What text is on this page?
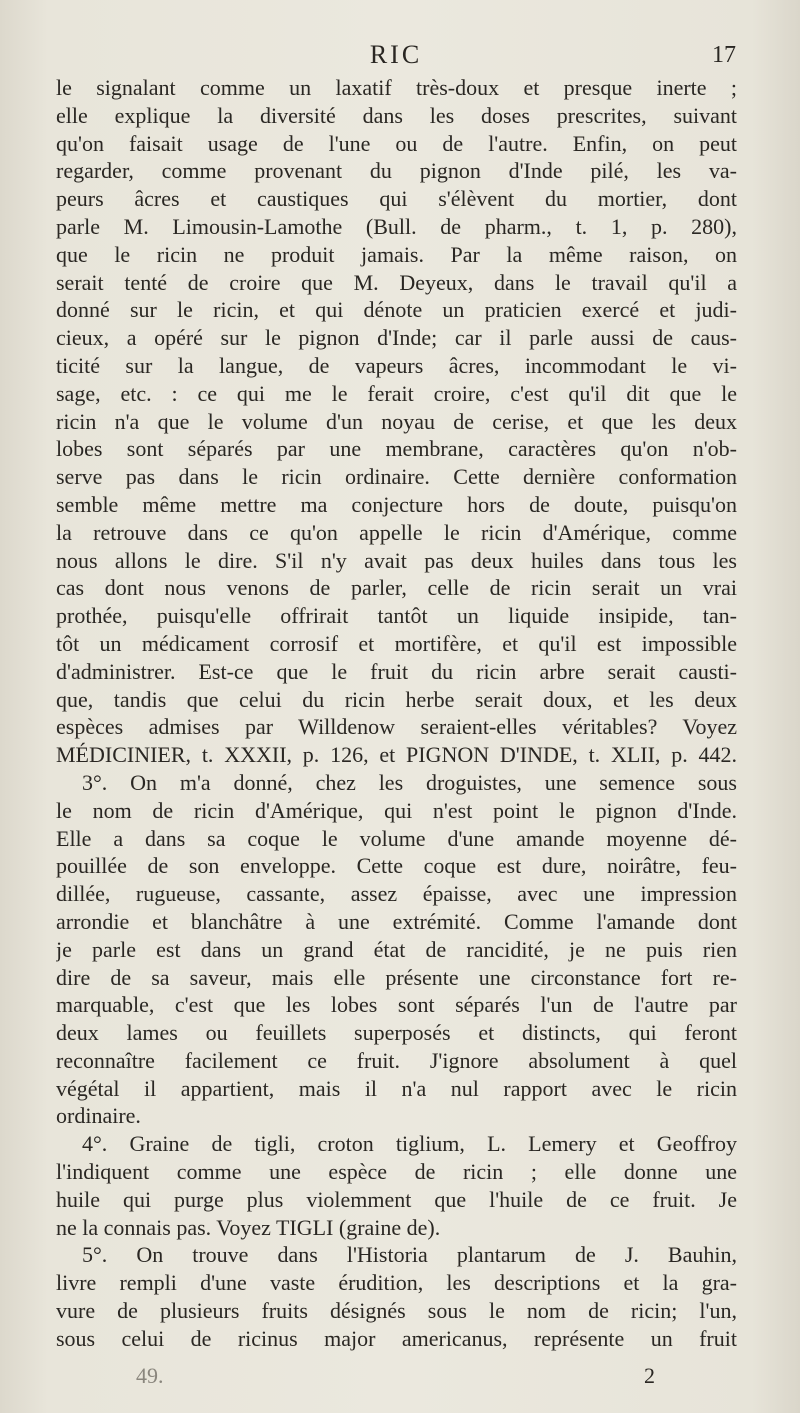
RIC	17
le signalant comme un laxatif très-doux et presque inerte ;
elle explique la diversité dans les doses prescrites, suivant
qu'on faisait usage de l'une ou de l'autre. Enfin, on peut
regarder, comme provenant du pignon d'Inde pilé, les va-
peurs âcres et caustiques qui s'élèvent du mortier, dont
parle M. Limousin-Lamothe (Bull. de pharm., t. 1, p. 280),
que le ricin ne produit jamais. Par la même raison, on
serait tenté de croire que M. Deyeux, dans le travail qu'il a
donné sur le ricin, et qui dénote un praticien exercé et judi-
cieux, a opéré sur le pignon d'Inde; car il parle aussi de caus-
ticité sur la langue, de vapeurs âcres, incommodant le vi-
sage, etc. : ce qui me le ferait croire, c'est qu'il dit que le
ricin n'a que le volume d'un noyau de cerise, et que les deux
lobes sont séparés par une membrane, caractères qu'on n'ob-
serve pas dans le ricin ordinaire. Cette dernière conformation
semble même mettre ma conjecture hors de doute, puisqu'on
la retrouve dans ce qu'on appelle le ricin d'Amérique, comme
nous allons le dire. S'il n'y avait pas deux huiles dans tous les
cas dont nous venons de parler, celle de ricin serait un vrai
prothée, puisqu'elle offrirait tantôt un liquide insipide, tan-
tôt un médicament corrosif et mortifère, et qu'il est impossible
d'administrer. Est-ce que le fruit du ricin arbre serait causti-
que, tandis que celui du ricin herbe serait doux, et les deux
espèces admises par Willdenow seraient-elles véritables? Voyez
MÉDICINIER, t. XXXII, p. 126, et PIGNON D'INDE, t. XLII, p. 442.
3°. On m'a donné, chez les droguistes, une semence sous
le nom de ricin d'Amérique, qui n'est point le pignon d'Inde.
Elle a dans sa coque le volume d'une amande moyenne dé-
pouillée de son enveloppe. Cette coque est dure, noirâtre, feu-
dillée, rugueuse, cassante, assez épaisse, avec une impression
arrondie et blanchâtre à une extrémité. Comme l'amande dont
je parle est dans un grand état de rancidité, je ne puis rien
dire de sa saveur, mais elle présente une circonstance fort re-
marquable, c'est que les lobes sont séparés l'un de l'autre par
deux lames ou feuillets superposés et distincts, qui feront
reconnaître facilement ce fruit. J'ignore absolument à quel
végétal il appartient, mais il n'a nul rapport avec le ricin
ordinaire.
4°. Graine de tigli, croton tiglium, L. Lemery et Geoffroy
l'indiquent comme une espèce de ricin ; elle donne une
huile qui purge plus violemment que l'huile de ce fruit. Je
ne la connais pas. Voyez TIGLI (graine de).
5°. On trouve dans l'Historia plantarum de J. Bauhin,
livre rempli d'une vaste érudition, les descriptions et la gra-
vure de plusieurs fruits désignés sous le nom de ricin; l'un,
sous celui de ricinus major americanus, représente un fruit
49.	2
